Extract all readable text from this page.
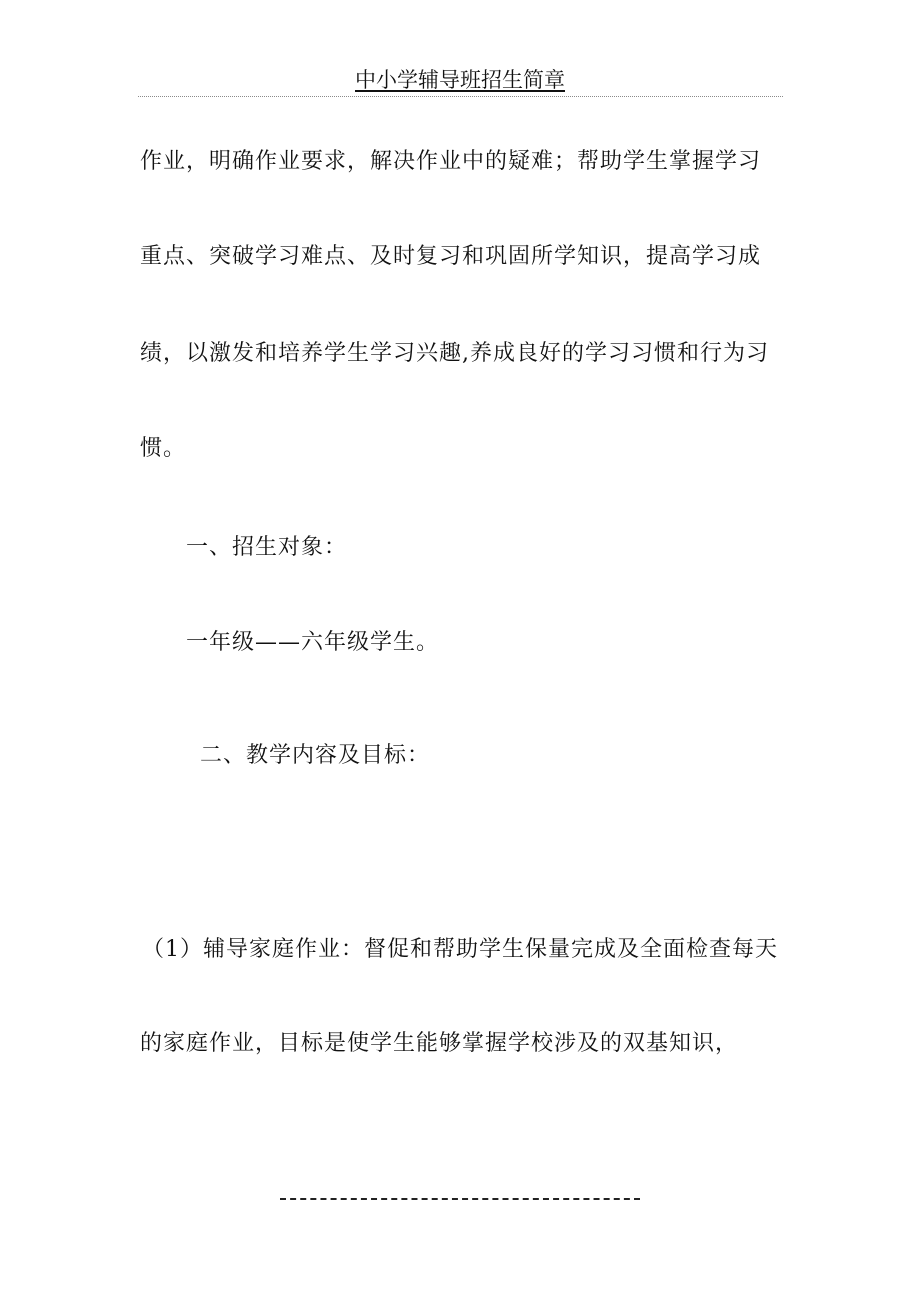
中小学辅导班招生简章
作业，明确作业要求，解决作业中的疑难；帮助学生掌握学习
重点、突破学习难点、及时复习和巩固所学知识，提高学习成
绩，以激发和培养学生学习兴趣,养成良好的学习习惯和行为习
惯。
一、招生对象：
一年级——六年级学生。
二、教学内容及目标：
（1）辅导家庭作业：督促和帮助学生保量完成及全面检查每天
的家庭作业，目标是使学生能够掌握学校涉及的双基知识，
